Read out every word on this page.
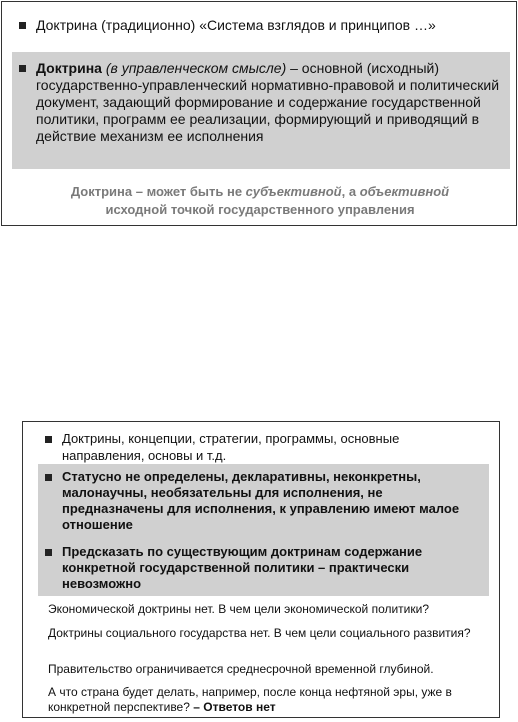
Доктрина (традиционно) «Система взглядов и принципов …»
Доктрина (в управленческом смысле) – основной (исходный) государственно-управленческий нормативно-правовой и политический документ, задающий формирование и содержание государственной политики, программ ее реализации, формирующий и приводящий в действие механизм ее исполнения
Доктрина – может быть не субъективной, а объективной
исходной точкой государственного управления
Доктрины, концепции, стратегии, программы, основные направления, основы и т.д.
Статусно не определены, декларативны, неконкретны, малонаучны, необязательны для исполнения, не предназначены для исполнения, к управлению имеют малое отношение
Предсказать по существующим доктринам содержание конкретной государственной политики – практически невозможно
Экономической доктрины нет. В чем цели экономической политики?
Доктрины социального государства нет. В чем цели социального развития?
Правительство ограничивается среднесрочной временной глубиной.
А что страна будет делать, например, после конца нефтяной эры, уже в конкретной перспективе? – Ответов нет
